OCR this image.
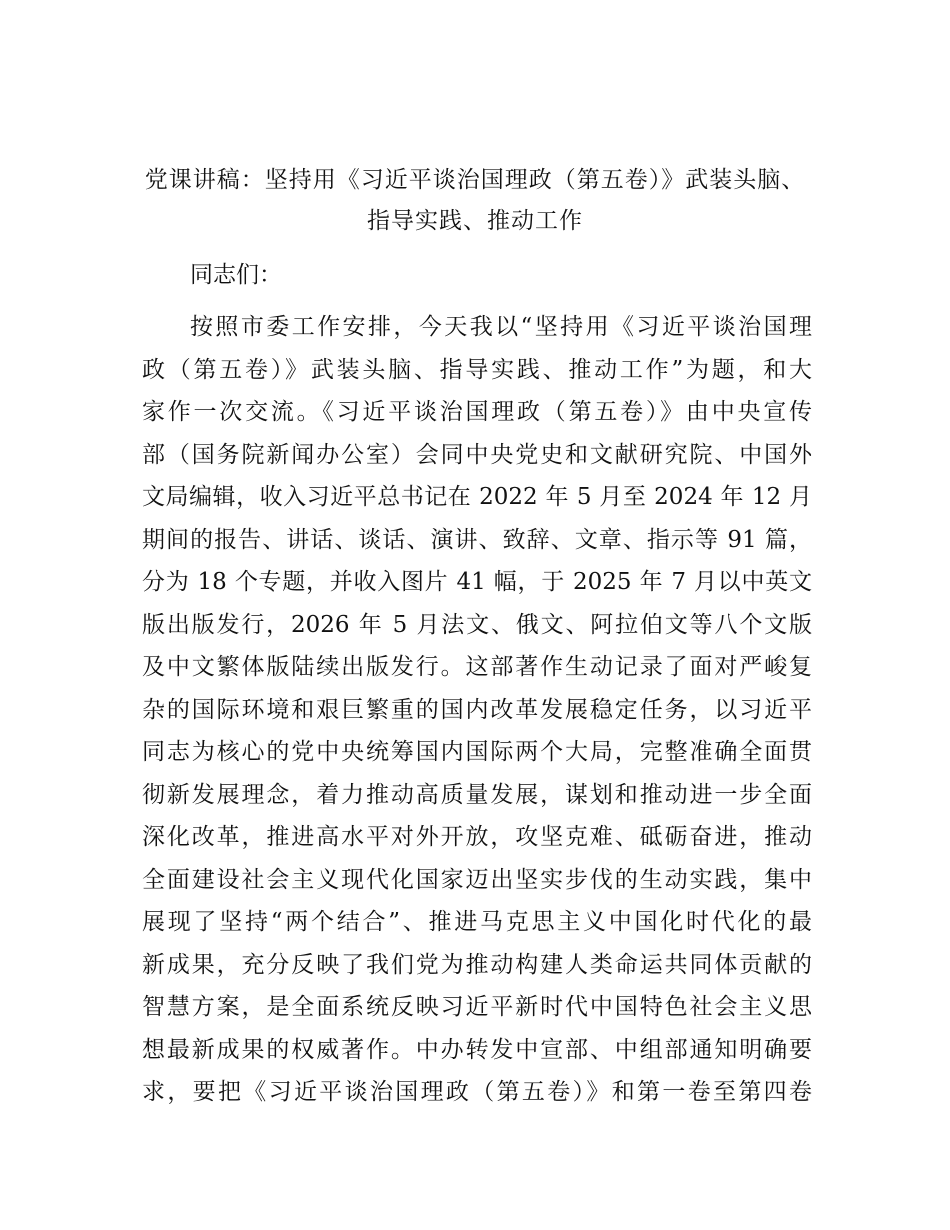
党课讲稿：坚持用《习近平谈治国理政（第五卷）》武装头脑、
指导实践、推动工作
同志们：
按照市委工作安排，今天我以“坚持用《习近平谈治国理
政（第五卷）》武装头脑、指导实践、推动工作”为题，和大
家作一次交流。《习近平谈治国理政（第五卷）》由中央宣传
部（国务院新闻办公室）会同中央党史和文献研究院、中国外
文局编辑，收入习近平总书记在 2022 年 5 月至 2024 年 12 月
期间的报告、讲话、谈话、演讲、致辞、文章、指示等 91 篇，
分为 18 个专题，并收入图片 41 幅，于 2025 年 7 月以中英文
版出版发行，2026 年 5 月法文、俄文、阿拉伯文等八个文版
及中文繁体版陆续出版发行。这部著作生动记录了面对严峻复
杂的国际环境和艰巨繁重的国内改革发展稳定任务，以习近平
同志为核心的党中央统筹国内国际两个大局，完整准确全面贯
彻新发展理念，着力推动高质量发展，谋划和推动进一步全面
深化改革，推进高水平对外开放，攻坚克难、砥砺奋进，推动
全面建设社会主义现代化国家迈出坚实步伐的生动实践，集中
展现了坚持“两个结合”、推进马克思主义中国化时代化的最
新成果，充分反映了我们党为推动构建人类命运共同体贡献的
智慧方案，是全面系统反映习近平新时代中国特色社会主义思
想最新成果的权威著作。中办转发中宣部、中组部通知明确要
求，要把《习近平谈治国理政（第五卷）》和第一卷至第四卷
